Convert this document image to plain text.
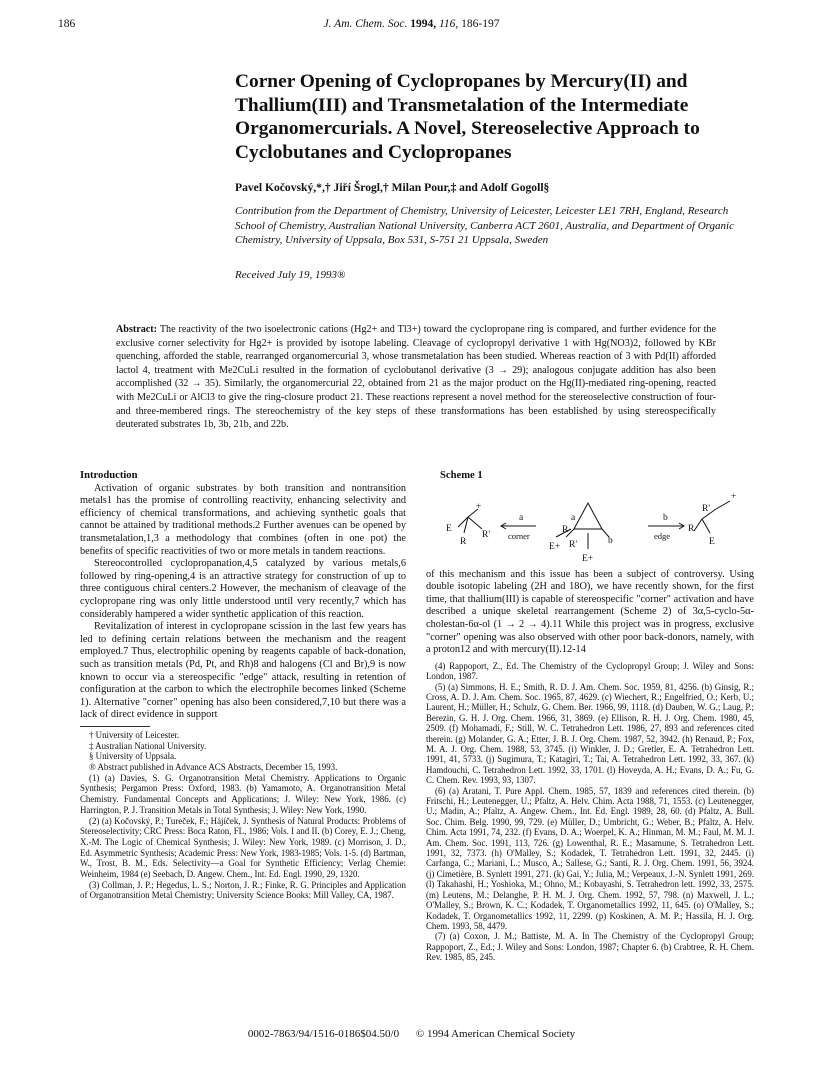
186	J. Am. Chem. Soc. 1994, 116, 186-197
Corner Opening of Cyclopropanes by Mercury(II) and Thallium(III) and Transmetalation of the Intermediate Organomercurials. A Novel, Stereoselective Approach to Cyclobutanes and Cyclopropanes
Pavel Kočovský,*,† Jiří Šrogl,† Milan Pour,‡ and Adolf Gogoll§
Contribution from the Department of Chemistry, University of Leicester, Leicester LE1 7RH, England, Research School of Chemistry, Australian National University, Canberra ACT 2601, Australia, and Department of Organic Chemistry, University of Uppsala, Box 531, S-751 21 Uppsala, Sweden
Received July 19, 1993®

Abstract: The reactivity of the two isoelectronic cations (Hg2+ and Tl3+) toward the cyclopropane ring is compared, and further evidence for the exclusive corner selectivity for Hg2+ is provided by isotope labeling. Cleavage of cyclopropyl derivative 1 with Hg(NO3)2, followed by KBr quenching, afforded the stable, rearranged organomercurial 3, whose transmetalation has been studied. Whereas reaction of 3 with Pd(II) afforded lactol 4, treatment with Me2CuLi resulted in the formation of cyclobutanol derivative (3 → 29); analogous conjugate addition has also been accomplished (32 → 35). Similarly, the organomercurial 22, obtained from 21 as the major product on the Hg(II)-mediated ring-opening, reacted with Me2CuLi or AlCl3 to give the ring-closure product 21. These reactions represent a novel method for the stereoselective construction of four- and three-membered rings. The stereochemistry of the key steps of these transformations has been established by using stereospecifically deuterated substrates 1b, 3b, 21b, and 22b.

Introduction

Activation of organic substrates by both transition and nontransition metals1 has the promise of controlling reactivity, enhancing selectivity and efficiency of chemical transformations, and achieving synthetic goals that cannot be attained by traditional methods.2 Further avenues can be opened by transmetalation,1,3 a methodology that combines (often in one pot) the benefits of specific reactivities of two or more metals in tandem reactions.

Stereocontrolled cyclopropanation,4,5 catalyzed by various metals,6 followed by ring-opening,4 is an attractive strategy for construction of up to three contiguous chiral centers.2 However, the mechanism of cleavage of the cyclopropane ring was only little understood until very recently,7 which has considerably hampered a wider synthetic application of this reaction.

Revitalization of interest in cyclopropane scission in the last few years has led to defining certain relations between the mechanism and the reagent employed.7 Thus, electrophilic opening by reagents capable of back-donation, such as transition metals (Pd, Pt, and Rh)8 and halogens (Cl and Br),9 is now known to occur via a stereospecific "edge" attack, resulting in retention of configuration at the carbon to which the electrophile becomes linked (Scheme 1). Alternative "corner" opening has also been considered,7,10 but there was a lack of direct evidence in support

† University of Leicester.

‡ Australian National University.

§ University of Uppsala.

® Abstract published in Advance ACS Abstracts, December 15, 1993.

(1) (a) Davies, S. G. Organotransition Metal Chemistry. Applications to Organic Synthesis; Pergamon Press: Oxford, 1983. (b) Yamamoto, A. Organotransition Metal Chemistry. Fundamental Concepts and Applications; J. Wiley: New York, 1986. (c) Harrington, P. J. Transition Metals in Total Synthesis; J. Wiley: New York, 1990.

(2) (a) Kočovský, P.; Tureček, F.; Hájíček, J. Synthesis of Natural Products: Problems of Stereoselectivity; CRC Press: Boca Raton, FL, 1986; Vols. I and II. (b) Corey, E. J.; Cheng, X.-M. The Logic of Chemical Synthesis; J. Wiley: New York, 1989. (c) Morrison, J. D., Ed. Asymmetric Synthesis; Academic Press: New York, 1983-1985; Vols. 1-5. (d) Bartman, W., Trost, B. M., Eds. Selectivity—a Goal for Synthetic Efficiency; Verlag Chemie: Weinheim, 1984 (e) Seebach, D. Angew. Chem., Int. Ed. Engl. 1990, 29, 1320.

(3) Collman, J. P.; Hegedus, L. S.; Norton, J. R.; Finke, R. G. Principles and Application of Organotransition Metal Chemistry; University Science Books: Mill Valley, CA, 1987.

Scheme 1

E
+
R
R'
a
corner
E+
R
R'
a
b
E+
b
edge
R'
R
E
+

of this mechanism and this issue has been a subject of controversy. Using double isotopic labeling (2H and 18O), we have recently shown, for the first time, that thallium(III) is capable of stereospecific "corner" activation and have described a unique skeletal rearrangement (Scheme 2) of 3α,5-cyclo-5α-cholestan-6α-ol (1 → 2 → 4).11 While this project was in progress, exclusive "corner" opening was also observed with other poor back-donors, namely, with a proton12 and with mercury(II).12-14

(4) Rappoport, Z., Ed. The Chemistry of the Cyclopropyl Group; J. Wiley and Sons: London, 1987.

(5) (a) Simmons, H. E.; Smith, R. D. J. Am. Chem. Soc. 1959, 81, 4256. (b) Ginsig, R.; Cross, A. D. J. Am. Chem. Soc. 1965, 87, 4629. (c) Wiechert, R.; Engelfried, O.; Kerb, U.; Laurent, H.; Müller, H.; Schulz, G. Chem. Ber. 1966, 99, 1118. (d) Dauben, W. G.; Laug, P.; Berezin, G. H. J. Org. Chem. 1966, 31, 3869. (e) Ellison, R. H. J. Org. Chem. 1980, 45, 2509. (f) Mohamadi, F.; Still, W. C. Tetrahedron Lett. 1986, 27, 893 and references cited therein. (g) Molander, G. A.; Etter, J. B. J. Org. Chem. 1987, 52, 3942. (h) Renaud, P.; Fox, M. A. J. Org. Chem. 1988, 53, 3745. (i) Winkler, J. D.; Gretler, E. A. Tetrahedron Lett. 1991, 41, 5733. (j) Sugimura, T.; Katagiri, T.; Tai, A. Tetrahedron Lett. 1992, 33, 367. (k) Hamdouchi, C. Tetrahedron Lett. 1992, 33, 1701. (l) Hoveyda, A. H.; Evans, D. A.; Fu, G. C. Chem. Rev. 1993, 93, 1307.

(6) (a) Aratani, T. Pure Appl. Chem. 1985, 57, 1839 and references cited therein. (b) Fritschi, H.; Leutenegger, U.; Pfaltz, A. Helv. Chim. Acta 1988, 71, 1553. (c) Leutenegger, U.; Madin, A.; Pfaltz, A. Angew. Chem., Int. Ed. Engl. 1989, 28, 60. (d) Pfaltz, A. Bull. Soc. Chim. Belg. 1990, 99, 729. (e) Müller, D.; Umbricht, G.; Weber, B.; Pfaltz, A. Helv. Chim. Acta 1991, 74, 232. (f) Evans, D. A.; Woerpel, K. A.; Hinman, M. M.; Faul, M. M. J. Am. Chem. Soc. 1991, 113, 726. (g) Lowenthal, R. E.; Masamune, S. Tetrahedron Lett. 1991, 32, 7373. (h) O'Malley, S.; Kodadek, T. Tetrahedron Lett. 1991, 32, 2445. (i) Carfanga, C.; Mariani, L.; Musco, A.; Sallese, G.; Santi, R. J. Org. Chem. 1991, 56, 3924. (j) Cimetière, B. Synlett 1991, 271. (k) Gai, Y.; Julia, M.; Verpeaux, J.-N. Synlett 1991, 269. (l) Takahashi, H.; Yoshioka, M.; Ohno, M.; Kobayashi, S. Tetrahedron lett. 1992, 33, 2575. (m) Leutens, M.; Delanghe, P. H. M. J. Org. Chem. 1992, 57, 798. (n) Maxwell, J. L.; O'Malley, S.; Brown, K. C.; Kodadek, T. Organometallics 1992, 11, 645. (o) O'Malley, S.; Kodadek, T. Organometallics 1992, 11, 2299. (p) Koskinen, A. M. P.; Hassila, H. J. Org. Chem. 1993, 58, 4479.

(7) (a) Coxon, J. M.; Battiste, M. A. In The Chemistry of the Cyclopropyl Group; Rappoport, Z., Ed.; J. Wiley and Sons: London, 1987; Chapter 6. (b) Crabtree, R. H. Chem. Rev. 1985, 85, 245.

0002-7863/94/1516-0186$04.50/0 © 1994 American Chemical Society
